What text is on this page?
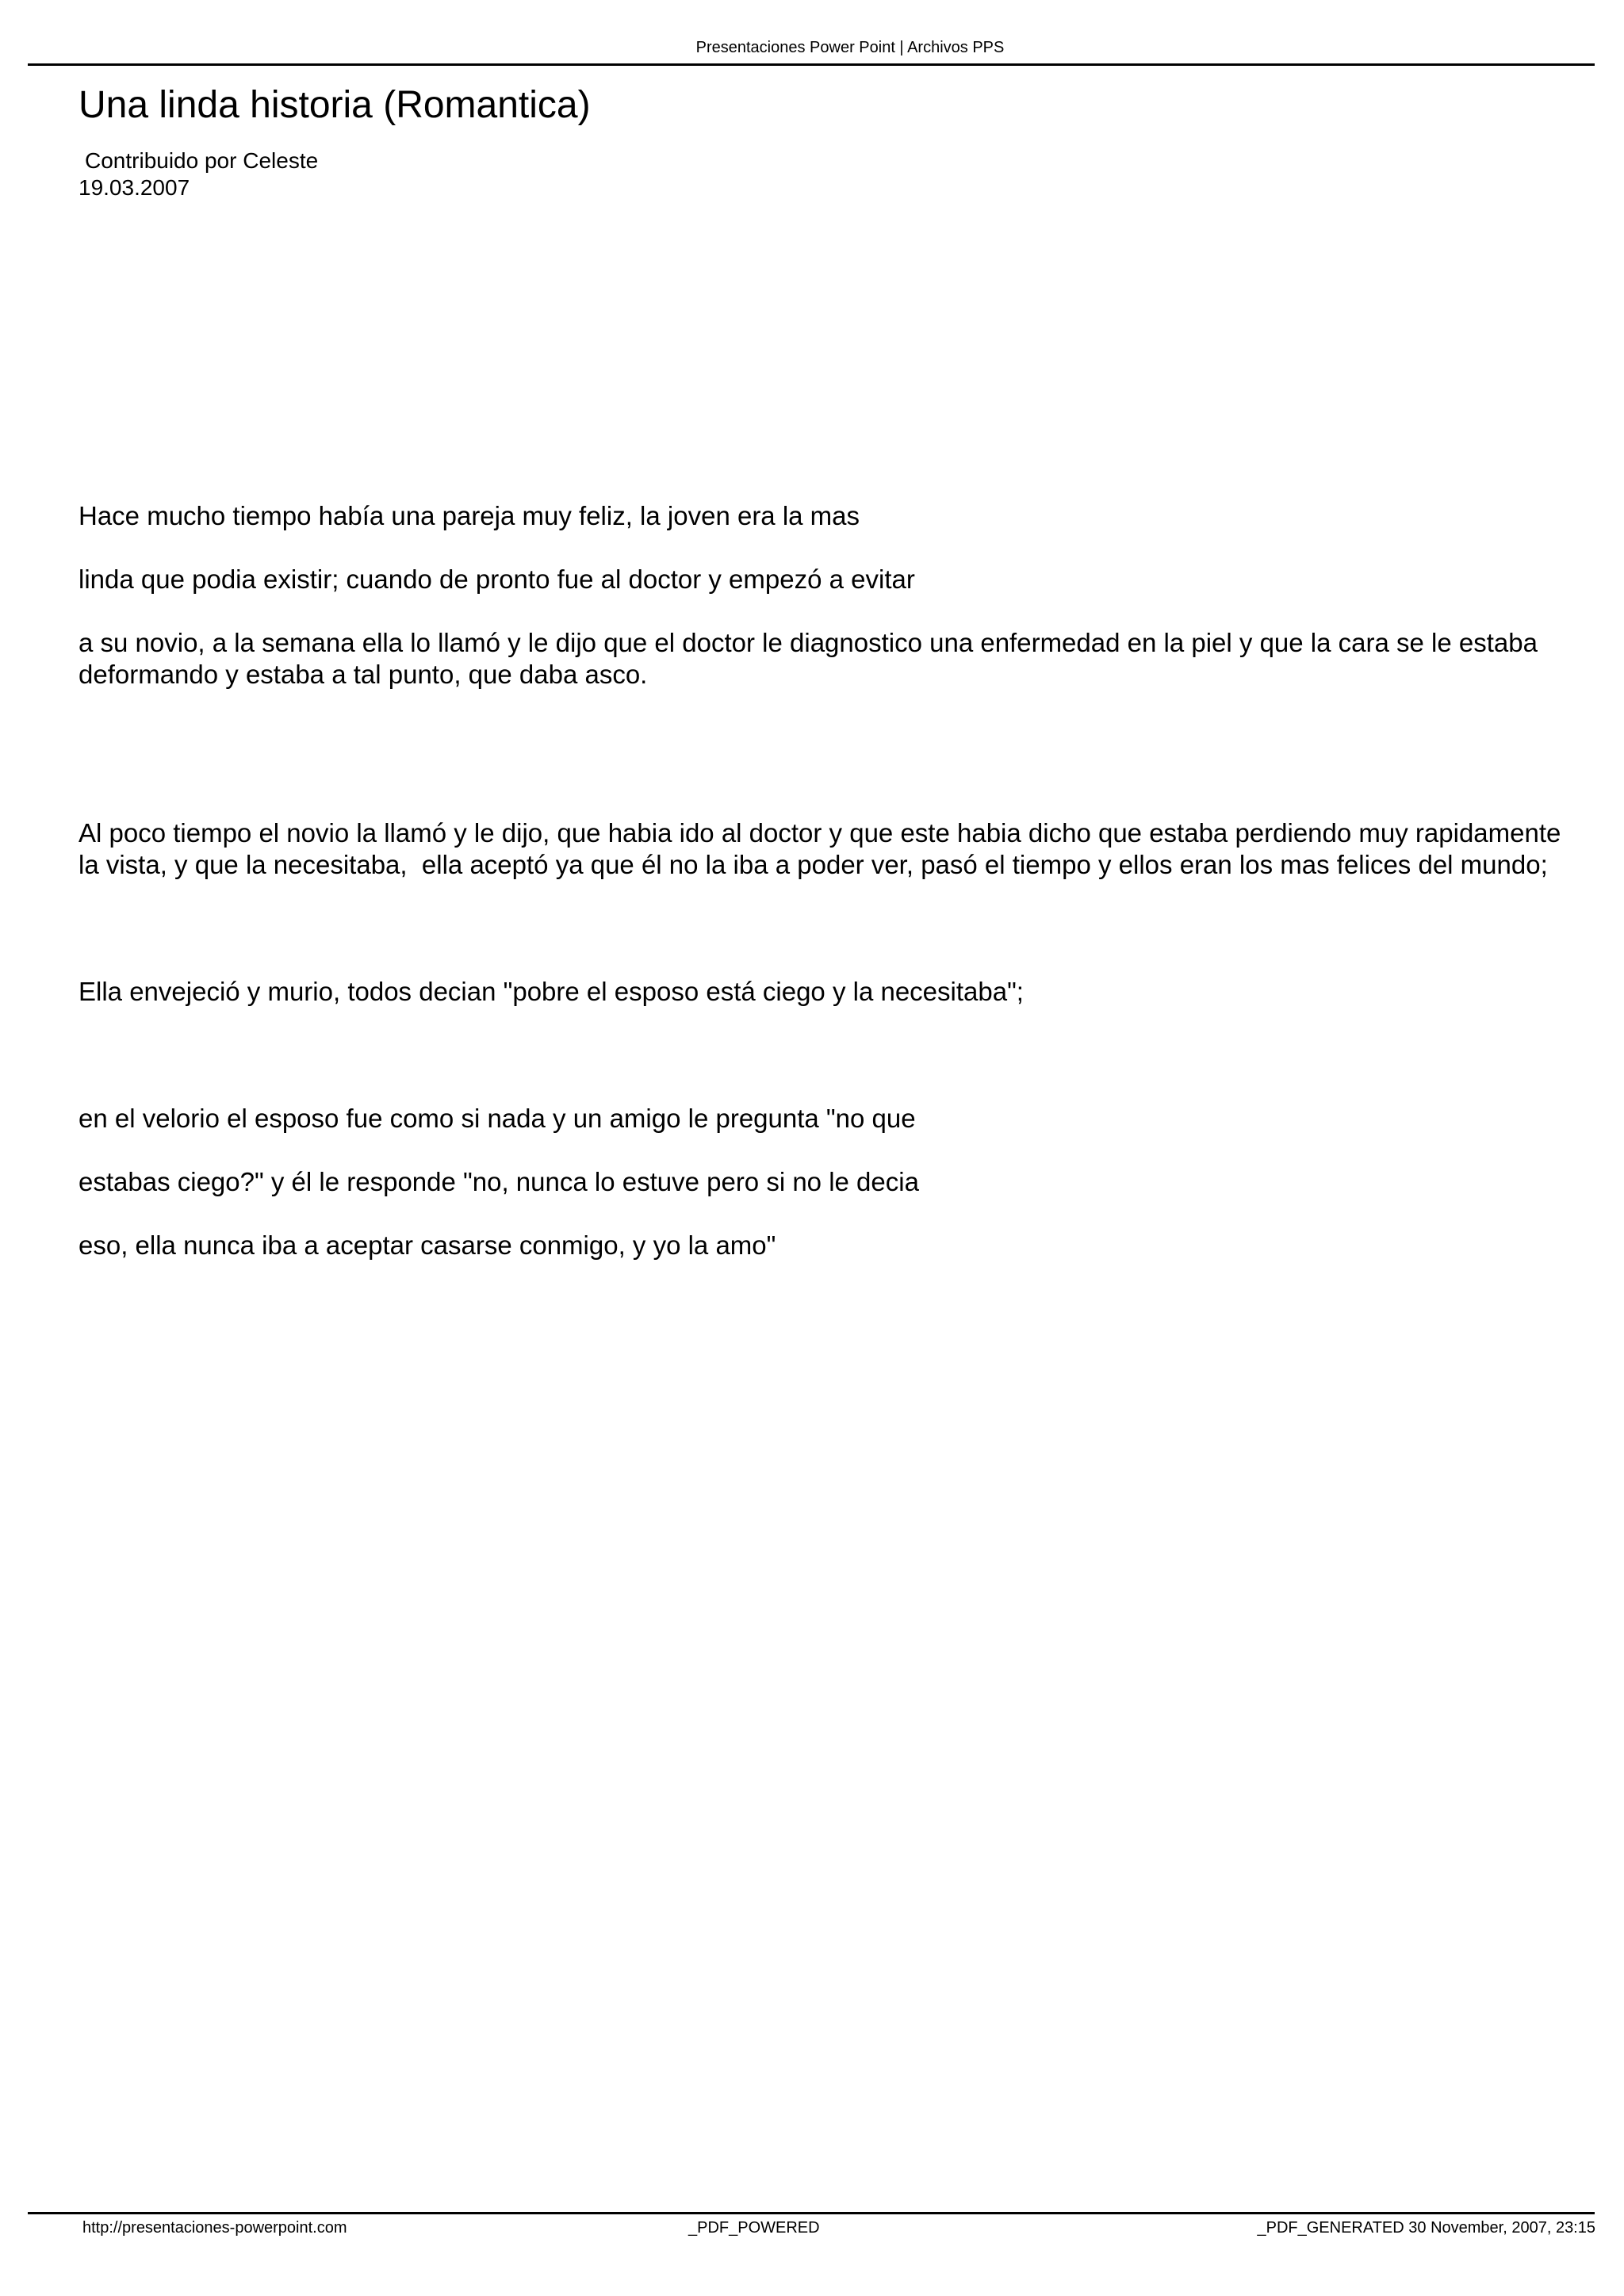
Presentaciones Power Point | Archivos PPS
Una linda historia (Romantica)
Contribuido por Celeste
19.03.2007

Hace mucho tiempo había una pareja muy feliz, la joven era la mas

linda que podia existir; cuando de pronto fue al doctor y empezó a evitar

a su novio, a la semana ella lo llamó y le dijo que el doctor le diagnostico una enfermedad en la piel y que la cara se le estaba deformando y estaba a tal punto, que daba asco.

Al poco tiempo el novio la llamó y le dijo, que habia ido al doctor y que este habia dicho que estaba perdiendo muy rapidamente la vista, y que la necesitaba,  ella aceptó ya que él no la iba a poder ver, pasó el tiempo y ellos eran los mas felices del mundo;

Ella envejeció y murio, todos decian "pobre el esposo está ciego y la necesitaba";

en el velorio el esposo fue como si nada y un amigo le pregunta "no que

estabas ciego?" y él le responde "no, nunca lo estuve pero si no le decia

eso, ella nunca iba a aceptar casarse conmigo, y yo la amo"

http://presentaciones-powerpoint.com	_PDF_POWERED	_PDF_GENERATED 30 November, 2007, 23:15
